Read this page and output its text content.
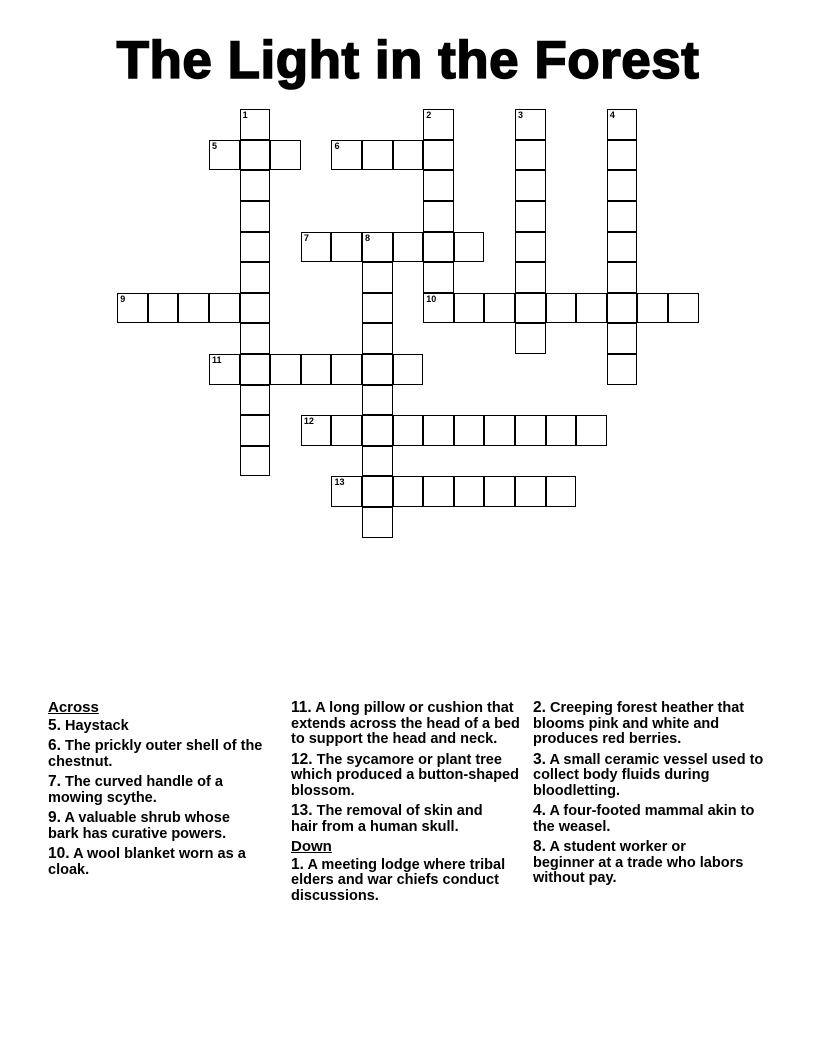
The Light in the Forest
1	2
10
3	4
5	6
7	8
9
11
12
13
Across
5. Haystack
6. The prickly outer shell of the chestnut.
7. The curved handle of a mowing scythe.
9. A valuable shrub whose bark has curative powers.
10. A wool blanket worn as a cloak.
11. A long pillow or cushion that extends across the head of a bed to support the head and neck.
12. The sycamore or plant tree which produced a button-shaped blossom.
13. The removal of skin and hair from a human skull.
Down
1. A meeting lodge where tribal elders and war chiefs conduct discussions.
2. Creeping forest heather that blooms pink and white and produces red berries.
3. A small ceramic vessel used to collect body fluids during bloodletting.
4. A four-footed mammal akin to the weasel.
8. A student worker or beginner at a trade who labors without pay.
